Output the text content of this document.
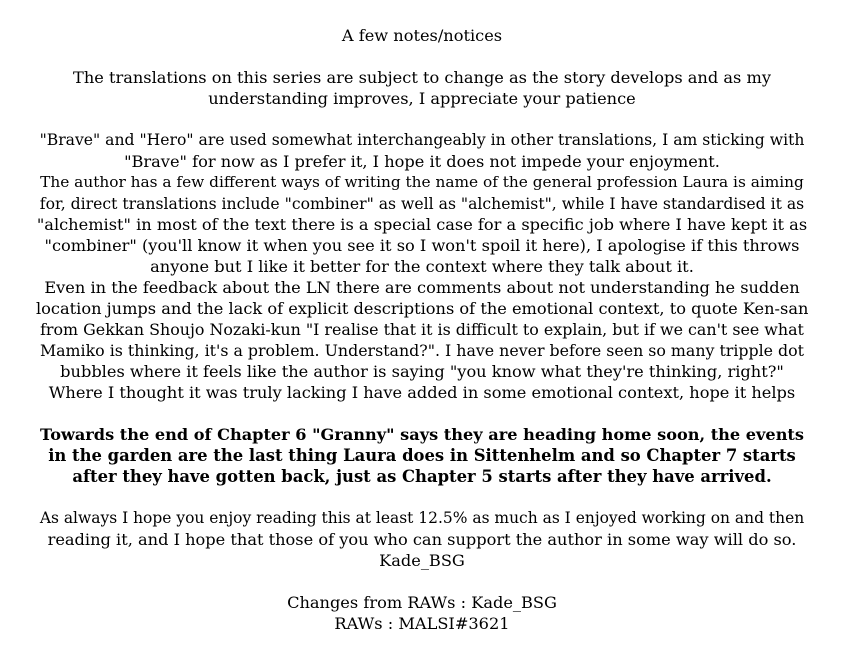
A few notes/notices
The translations on this series are subject to change as the story develops and as my
understanding improves, I appreciate your patience
"Brave" and "Hero" are used somewhat interchangeably in other translations, I am sticking with
"Brave" for now as I prefer it, I hope it does not impede your enjoyment.
The author has a few different ways of writing the name of the general profession Laura is aiming
for, direct translations include "combiner" as well as "alchemist", while I have standardised it as
"alchemist" in most of the text there is a special case for a specific job where I have kept it as
"combiner" (you'll know it when you see it so I won't spoil it here), I apologise if this throws
anyone but I like it better for the context where they talk about it.
Even in the feedback about the LN there are comments about not understanding he sudden
location jumps and the lack of explicit descriptions of the emotional context, to quote Ken-san
from Gekkan Shoujo Nozaki-kun "I realise that it is difficult to explain, but if we can't see what
Mamiko is thinking, it's a problem. Understand?". I have never before seen so many tripple dot
bubbles where it feels like the author is saying "you know what they're thinking, right?"
Where I thought it was truly lacking I have added in some emotional context, hope it helps
Towards the end of Chapter 6 "Granny" says they are heading home soon, the events
in the garden are the last thing Laura does in Sittenhelm and so Chapter 7 starts
after they have gotten back, just as Chapter 5 starts after they have arrived.
As always I hope you enjoy reading this at least 12.5% as much as I enjoyed working on and then
reading it, and I hope that those of you who can support the author in some way will do so.
Kade_BSG
Changes from RAWs : Kade_BSG
RAWs : MALSI#3621
